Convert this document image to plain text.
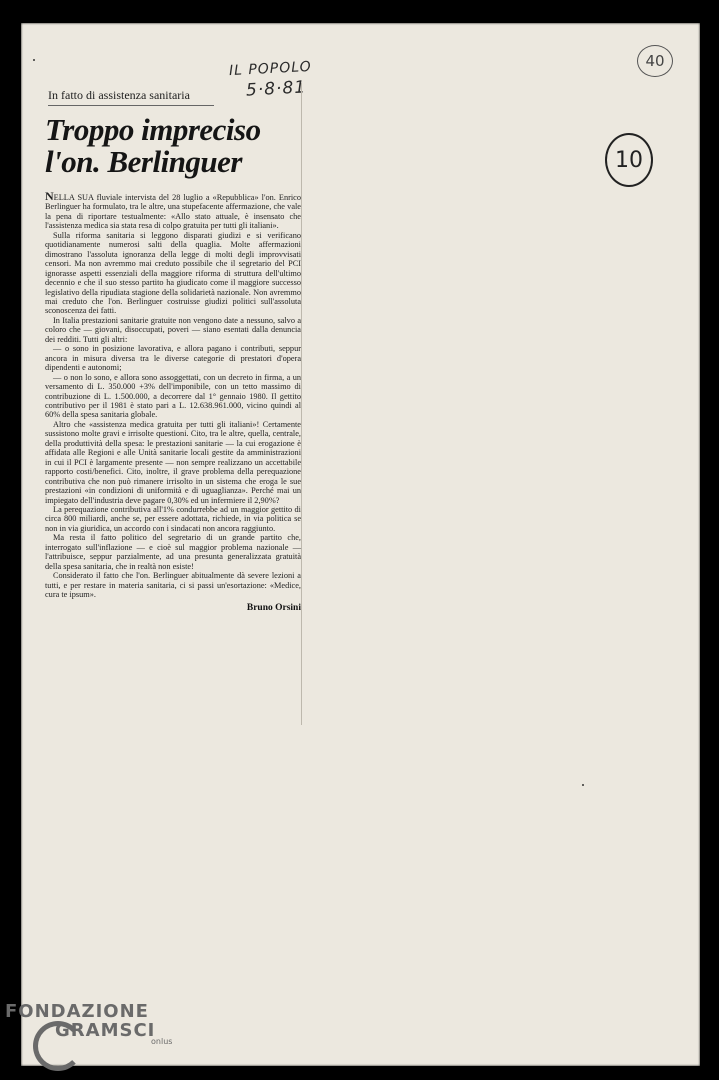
IL POPOLO
5·8·81
40
10
In fatto di assistenza sanitaria
Troppo impreciso
l'on. Berlinguer

NELLA SUA fluviale intervista del 28 luglio a «Repubblica» l'on. Enrico Berlinguer ha formulato, tra le altre, una stupefacente affermazione, che vale la pena di riportare testualmente: «Allo stato attuale, è insensato che l'assistenza medica sia stata resa di colpo gratuita per tutti gli italiani».

Sulla riforma sanitaria si leggono disparati giudizi e si verificano quotidianamente numerosi salti della quaglia. Molte affermazioni dimostrano l'assoluta ignoranza della legge di molti degli improvvisati censori. Ma non avremmo mai creduto possibile che il segretario del PCI ignorasse aspetti essenziali della maggiore riforma di struttura dell'ultimo decennio e che il suo stesso partito ha giudicato come il maggiore successo legislativo della ripudiata stagione della solidarietà nazionale. Non avremmo mai creduto che l'on. Berlinguer costruisse giudizi politici sull'assoluta sconoscenza dei fatti.

In Italia prestazioni sanitarie gratuite non vengono date a nessuno, salvo a coloro che — giovani, disoccupati, poveri — siano esentati dalla denuncia dei redditi. Tutti gli altri:

— o sono in posizione lavorativa, e allora pagano i contributi, seppur ancora in misura diversa tra le diverse categorie di prestatori d'opera dipendenti e autonomi;

— o non lo sono, e allora sono assoggettati, con un decreto in firma, a un versamento di L. 350.000 +3% dell'imponibile, con un tetto massimo di contribuzione di L. 1.500.000, a decorrere dal 1° gennaio 1980. Il gettito contributivo per il 1981 è stato pari a L. 12.638.961.000, vicino quindi al 60% della spesa sanitaria globale.

Altro che «assistenza medica gratuita per tutti gli italiani»! Certamente sussistono molte gravi e irrisolte questioni. Cito, tra le altre, quella, centrale, della produttività della spesa: le prestazioni sanitarie — la cui erogazione è affidata alle Regioni e alle Unità sanitarie locali gestite da amministrazioni in cui il PCI è largamente presente — non sempre realizzano un accettabile rapporto costi/benefici. Cito, inoltre, il grave problema della perequazione contributiva che non può rimanere irrisolto in un sistema che eroga le sue prestazioni «in condizioni di uniformità e di uguaglianza». Perché mai un impiegato dell'industria deve pagare 0,30% ed un infermiere il 2,90%?

La perequazione contributiva all'1% condurrebbe ad un maggior gettito di circa 800 miliardi, anche se, per essere adottata, richiede, in via politica se non in via giuridica, un accordo con i sindacati non ancora raggiunto.

Ma resta il fatto politico del segretario di un grande partito che, interrogato sull'inflazione — e cioè sul maggior problema nazionale — l'attribuisce, seppur parzialmente, ad una presunta generalizzata gratuità della spesa sanitaria, che in realtà non esiste!

Considerato il fatto che l'on. Berlinguer abitualmente dà severe lezioni a tutti, e per restare in materia sanitaria, ci si passi un'esortazione: «Medice, cura te ipsum».

Bruno Orsini
FONDAZIONE
GRAMSCI
onlus
